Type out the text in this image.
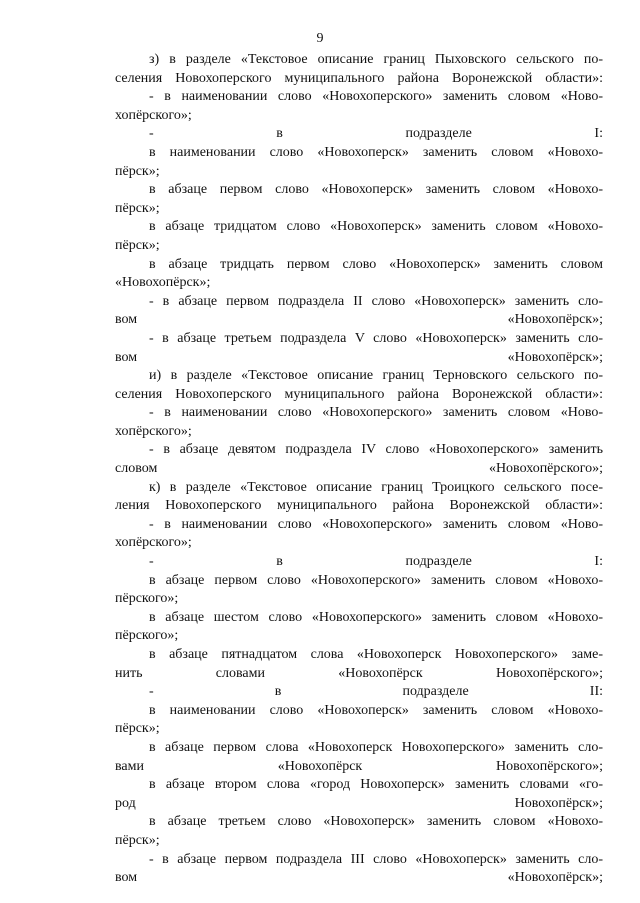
9

з) в разделе «Текстовое описание границ Пыховского сельского по-
селения Новохоперского муниципального района Воронежской области»:

- в наименовании слово «Новохоперского» заменить словом «Ново-
хопёрского»;

- в подразделе I:

в наименовании слово «Новохоперск» заменить словом «Новохо-
пёрск»;

в абзаце первом слово «Новохоперск» заменить словом «Новохо-
пёрск»;

в абзаце тридцатом слово «Новохоперск» заменить словом «Новохо-
пёрск»;

в абзаце тридцать первом слово «Новохоперск» заменить словом
«Новохопёрск»;

- в абзаце первом подраздела II слово «Новохоперск» заменить сло-
вом «Новохопёрск»;

- в абзаце третьем подраздела V слово «Новохоперск» заменить сло-
вом «Новохопёрск»;

и) в разделе «Текстовое описание границ Терновского сельского по-
селения Новохоперского муниципального района Воронежской области»:

- в наименовании слово «Новохоперского» заменить словом «Ново-
хопёрского»;

- в абзаце девятом подраздела IV слово «Новохоперского» заменить
словом «Новохопёрского»;

к) в разделе «Текстовое описание границ Троицкого сельского посе-
ления Новохоперского муниципального района Воронежской области»:

- в наименовании слово «Новохоперского» заменить словом «Ново-
хопёрского»;

- в подразделе I:

в абзаце первом слово «Новохоперского» заменить словом «Новохо-
пёрского»;

в абзаце шестом слово «Новохоперского» заменить словом «Новохо-
пёрского»;

в абзаце пятнадцатом слова «Новохоперск Новохоперского» заме-
нить словами «Новохопёрск Новохопёрского»;

- в подразделе II:

в наименовании слово «Новохоперск» заменить словом «Новохо-
пёрск»;

в абзаце первом слова «Новохоперск Новохоперского» заменить сло-
вами «Новохопёрск Новохопёрского»;

в абзаце втором слова «город Новохоперск» заменить словами «го-
род Новохопёрск»;

в абзаце третьем слово «Новохоперск» заменить словом «Новохо-
пёрск»;

- в абзаце первом подраздела III слово «Новохоперск» заменить сло-
вом «Новохопёрск»;
